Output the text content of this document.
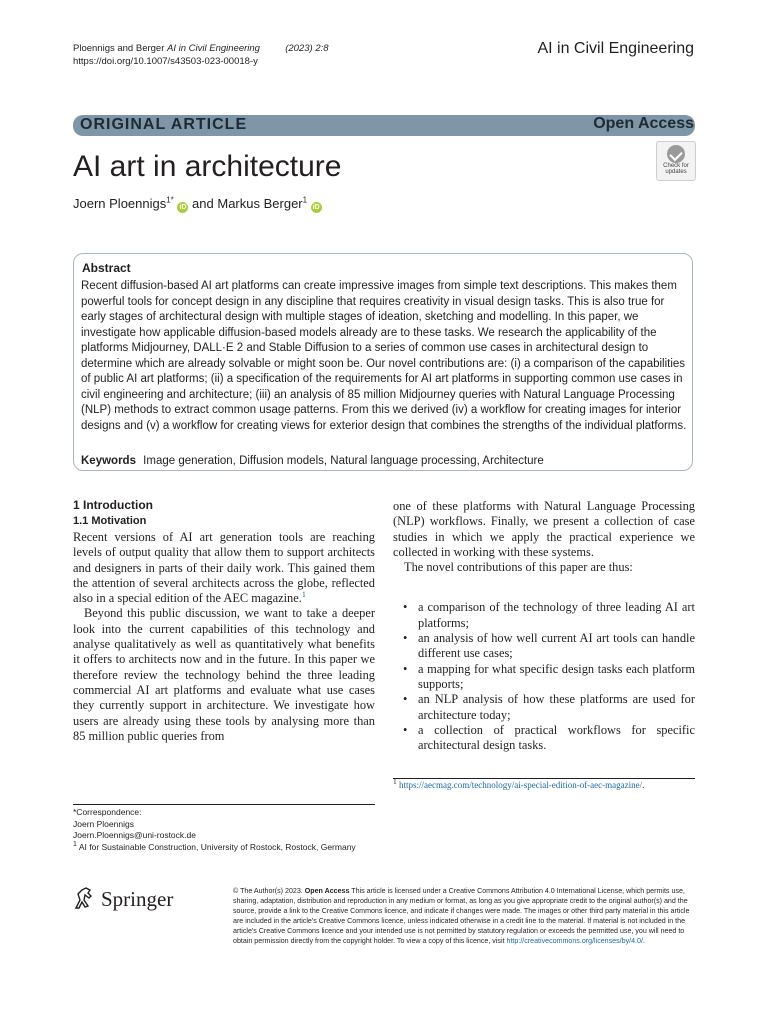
Ploennigs and Berger AI in Civil Engineering	(2023) 2:8
https://doi.org/10.1007/s43503-023-00018-y
AI in Civil Engineering
ORIGINAL ARTICLE	Open Access
Check for
updates
AI art in architecture
Joern Ploennigs$^{1*}$ iD and Markus Berger$^1$ iD
Abstract
Recent diffusion-based AI art platforms can create impressive images from simple text descriptions. This makes them powerful tools for concept design in any discipline that requires creativity in visual design tasks. This is also true for early stages of architectural design with multiple stages of ideation, sketching and modelling. In this paper, we investigate how applicable diffusion-based models already are to these tasks. We research the applicability of the platforms Midjourney, DALL·E 2 and Stable Diffusion to a series of common use cases in architectural design to determine which are already solvable or might soon be. Our novel contributions are: (i) a comparison of the capabilities of public AI art platforms; (ii) a specification of the requirements for AI art platforms in supporting common use cases in civil engineering and architecture; (iii) an analysis of 85 million Midjourney queries with Natural Language Processing (NLP) methods to extract common usage patterns. From this we derived (iv) a workflow for creating images for interior designs and (v) a workflow for creating views for exterior design that combines the strengths of the individual platforms.
Keywords Image generation, Diffusion models, Natural language processing, Architecture
1 Introduction
1.1 Motivation

Recent versions of AI art generation tools are reaching levels of output quality that allow them to support architects and designers in parts of their daily work. This gained them the attention of several architects across the globe, reflected also in a special edition of the AEC magazine.$^1$

Beyond this public discussion, we want to take a deeper look into the current capabilities of this technology and analyse qualitatively as well as quantitatively what benefits it offers to architects now and in the future. In this paper we therefore review the technology behind the three leading commercial AI art platforms and evaluate what use cases they currently support in architecture. We investigate how users are already using these tools by analysing more than 85 million public queries from

one of these platforms with Natural Language Processing (NLP) workflows. Finally, we present a collection of case studies in which we apply the practical experience we collected in working with these systems.

The novel contributions of this paper are thus:

• a comparison of the technology of three leading AI art platforms;
• an analysis of how well current AI art tools can handle different use cases;
• a mapping for what specific design tasks each platform supports;
• an NLP analysis of how these platforms are used for architecture today;
• a collection of practical workflows for specific architectural design tasks.
$^1$ https://aecmag.com/technology/ai-special-edition-of-aec-magazine/.
*Correspondence:
Joern Ploennigs
Joern.Ploennigs@uni-rostock.de
$^1$ AI for Sustainable Construction, University of Rostock, Rostock, Germany
Springer	© The Author(s) 2023. Open Access This article is licensed under a Creative Commons Attribution 4.0 International License, which permits use, sharing, adaptation, distribution and reproduction in any medium or format, as long as you give appropriate credit to the original author(s) and the source, provide a link to the Creative Commons licence, and indicate if changes were made. The images or other third party material in this article are included in the article's Creative Commons licence, unless indicated otherwise in a credit line to the material. If material is not included in the article's Creative Commons licence and your intended use is not permitted by statutory regulation or exceeds the permitted use, you will need to obtain permission directly from the copyright holder. To view a copy of this licence, visit http://creativecommons.org/licenses/by/4.0/.
